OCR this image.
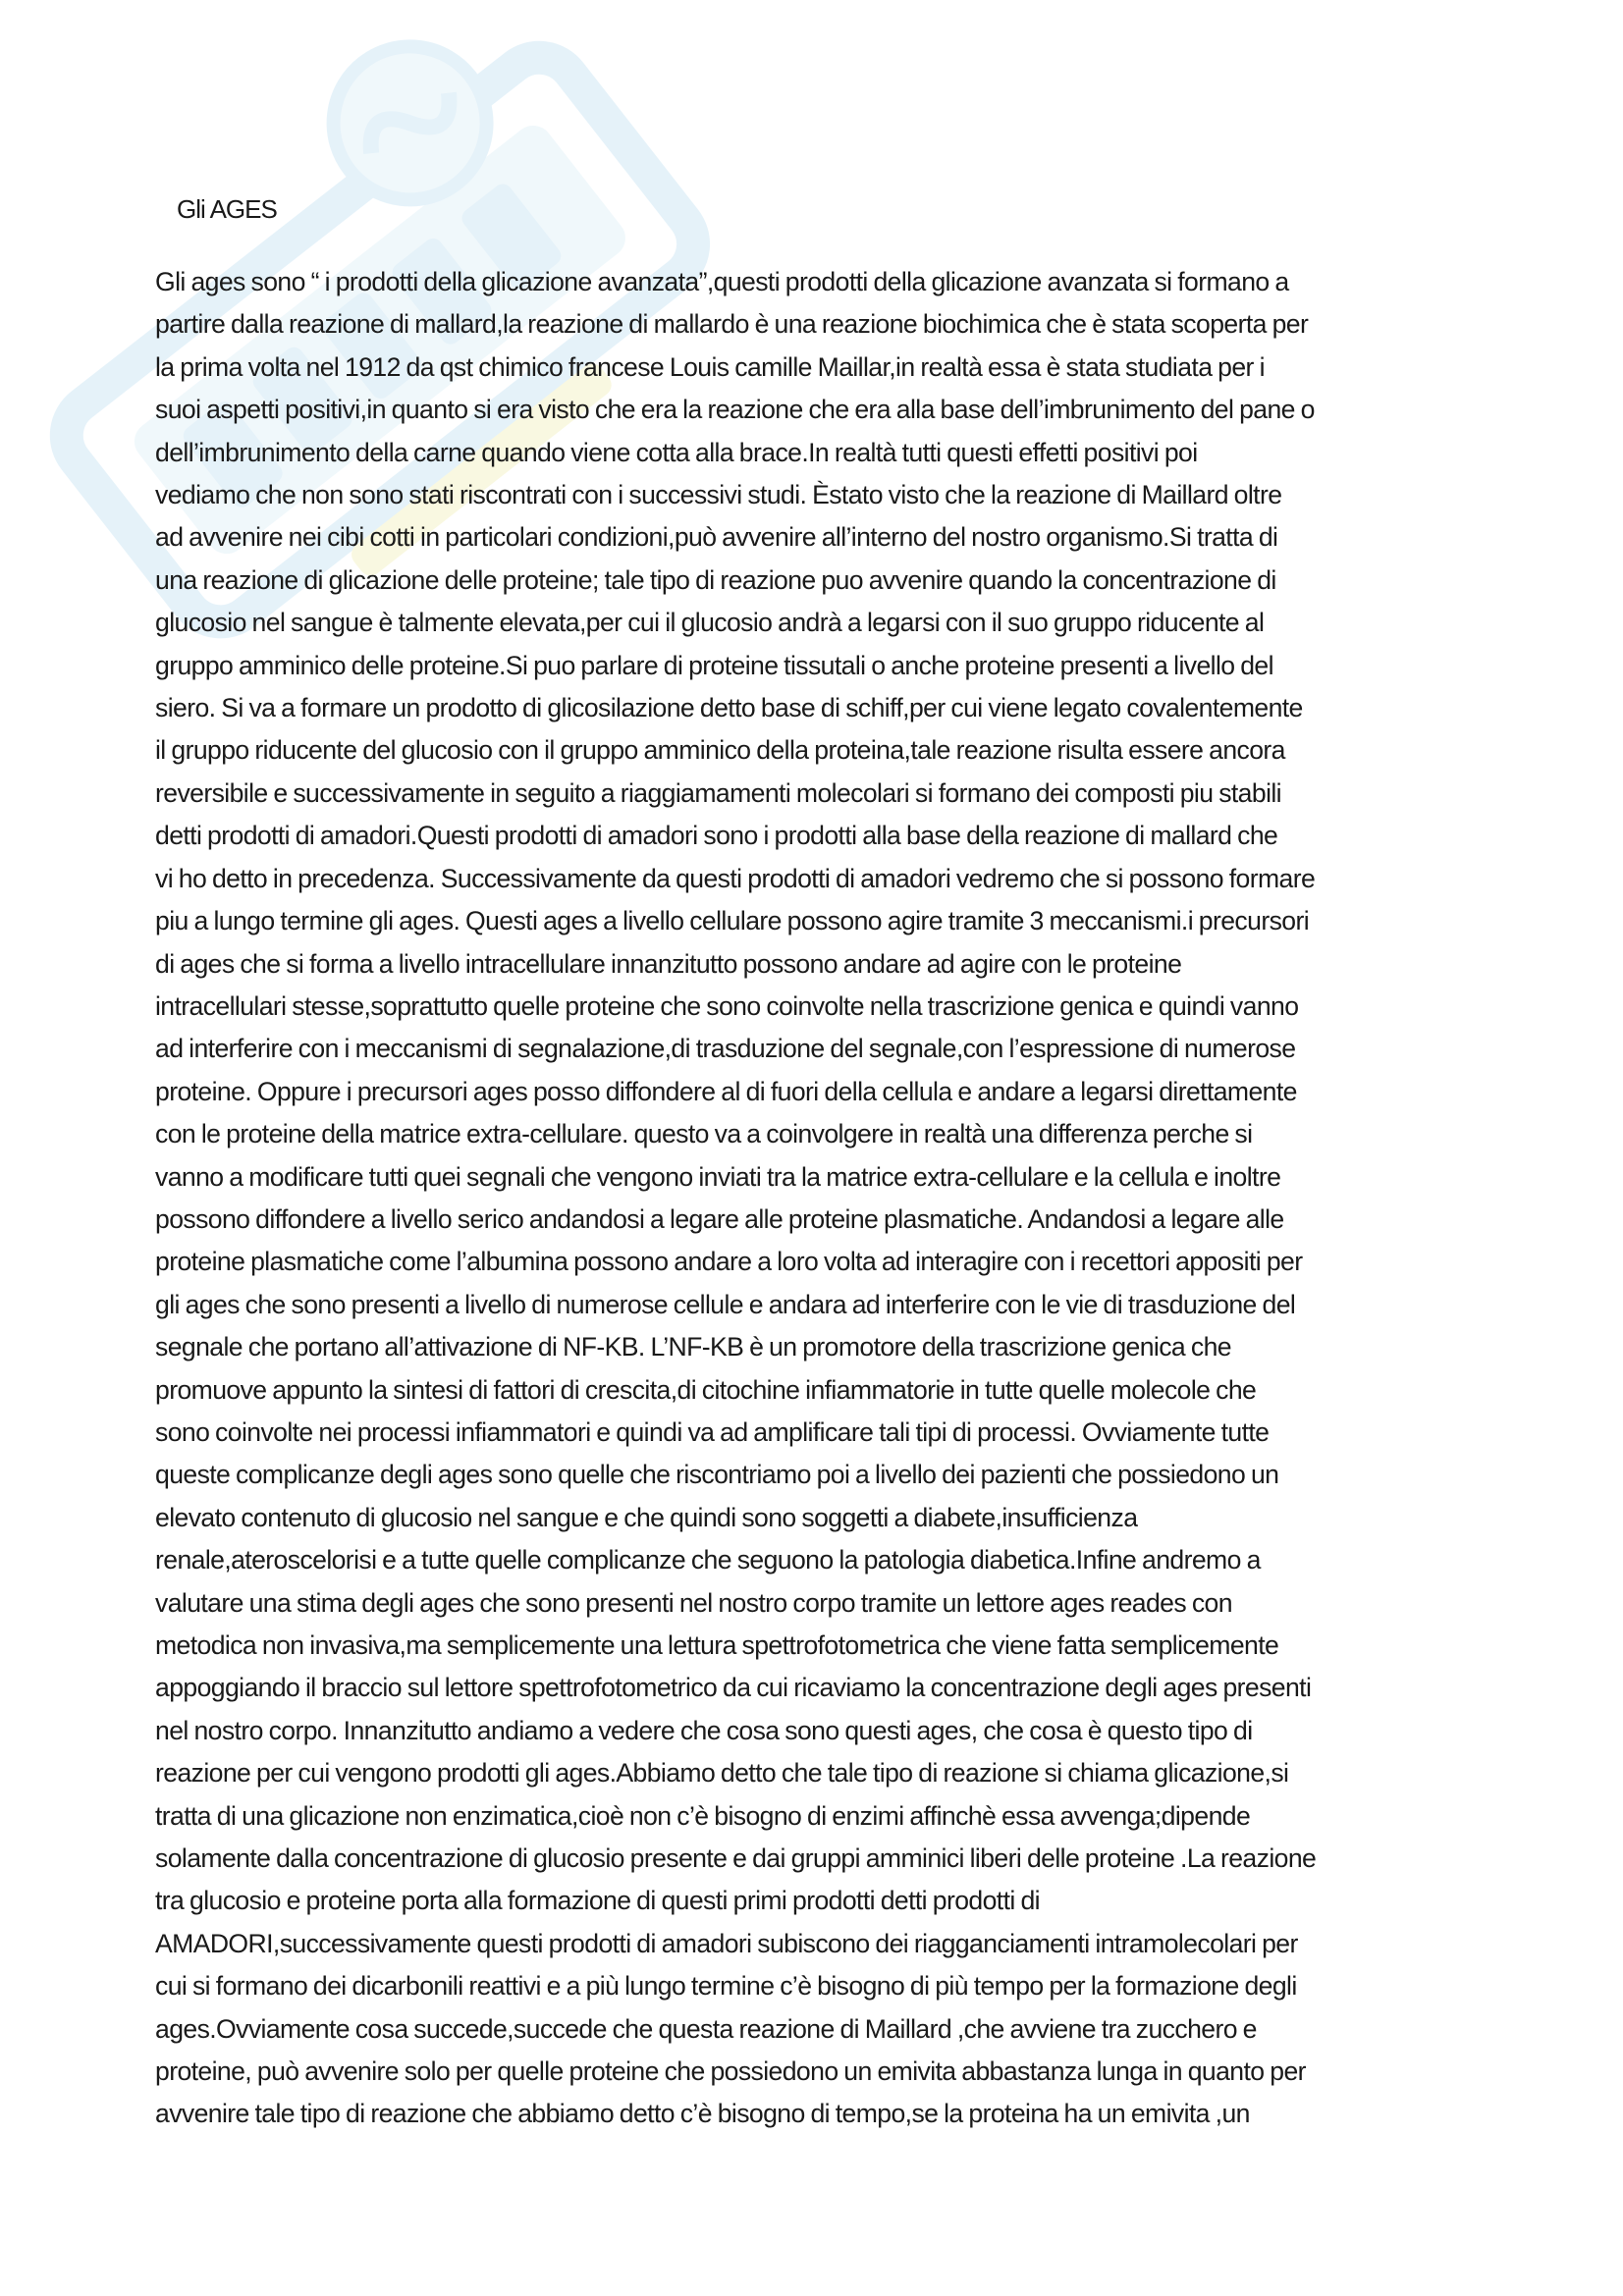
Gli AGES
Gli ages sono “ i prodotti della glicazione avanzata”,questi prodotti della glicazione avanzata si formano a
partire dalla reazione di mallard,la reazione di mallardo è una reazione biochimica che è stata scoperta per
la prima volta nel 1912 da qst chimico francese Louis camille Maillar,in realtà essa è stata studiata per i
suoi aspetti positivi,in quanto si era visto che era la reazione che era alla base dell’imbrunimento del pane o
dell’imbrunimento della carne quando viene cotta alla brace.In realtà tutti questi effetti positivi poi
vediamo che non sono stati riscontrati con i successivi studi. Èstato visto che la reazione di Maillard oltre
ad avvenire nei cibi cotti in particolari condizioni,può avvenire all’interno del nostro organismo.Si tratta di
una reazione di glicazione delle proteine; tale tipo di reazione puo avvenire quando la concentrazione di
glucosio nel sangue è talmente elevata,per cui il glucosio andrà a legarsi con il suo gruppo riducente al
gruppo amminico delle proteine.Si puo parlare di proteine tissutali o anche proteine presenti a livello del
siero. Si va a formare un prodotto di glicosilazione detto base di schiff,per cui viene legato covalentemente
il gruppo riducente del glucosio con il gruppo amminico della proteina,tale reazione risulta essere ancora
reversibile e successivamente in seguito a riaggiamamenti molecolari si formano dei composti piu stabili
detti prodotti di amadori.Questi prodotti di amadori sono i prodotti alla base della reazione di mallard che
vi ho detto in precedenza. Successivamente da questi prodotti di amadori vedremo che si possono formare
piu a lungo termine gli ages. Questi ages a livello cellulare possono agire tramite 3 meccanismi.i precursori
di ages che si forma a livello intracellulare innanzitutto possono andare ad agire con le proteine
intracellulari stesse,soprattutto quelle proteine che sono coinvolte nella trascrizione genica e quindi vanno
ad interferire con i meccanismi di segnalazione,di trasduzione del segnale,con l’espressione di numerose
proteine. Oppure i precursori ages posso diffondere al di fuori della cellula e andare a legarsi direttamente
con le proteine della matrice extra-cellulare. questo va a coinvolgere in realtà una differenza perche si
vanno a modificare tutti quei segnali che vengono inviati tra la matrice extra-cellulare e la cellula e inoltre
possono diffondere a livello serico andandosi a legare alle proteine plasmatiche. Andandosi a legare alle
proteine plasmatiche come l’albumina possono andare a loro volta ad interagire con i recettori appositi per
gli ages che sono presenti a livello di numerose cellule e andara ad interferire con le vie di trasduzione del
segnale che portano all’attivazione di NF-KB. L’NF-KB è un promotore della trascrizione genica che
promuove appunto la sintesi di fattori di crescita,di citochine infiammatorie in tutte quelle molecole che
sono coinvolte nei processi infiammatori e quindi va ad amplificare tali tipi di processi. Ovviamente tutte
queste complicanze degli ages sono quelle che riscontriamo poi a livello dei pazienti che possiedono un
elevato contenuto di glucosio nel sangue e che quindi sono soggetti a diabete,insufficienza
renale,ateroscelorisi e a tutte quelle complicanze che seguono la patologia diabetica.Infine andremo a
valutare una stima degli ages che sono presenti nel nostro corpo tramite un lettore ages reades con
metodica non invasiva,ma semplicemente una lettura spettrofotometrica che viene fatta semplicemente
appoggiando il braccio sul lettore spettrofotometrico da cui ricaviamo la concentrazione degli ages presenti
nel nostro corpo. Innanzitutto andiamo a vedere che cosa sono questi ages, che cosa è questo tipo di
reazione per cui vengono prodotti gli ages.Abbiamo detto che tale tipo di reazione si chiama glicazione,si
tratta di una glicazione non enzimatica,cioè non c’è bisogno di enzimi affinchè essa avvenga;dipende
solamente dalla concentrazione di glucosio presente e dai gruppi amminici liberi delle proteine .La reazione
tra glucosio e proteine porta alla formazione di questi primi prodotti detti prodotti di
AMADORI,successivamente questi prodotti di amadori subiscono dei riagganciamenti intramolecolari per
cui si formano dei dicarbonili reattivi e a più lungo termine c’è bisogno di più tempo per la formazione degli
ages.Ovviamente cosa succede,succede che questa reazione di Maillard ,che avviene tra zucchero e
proteine, può avvenire solo per quelle proteine che possiedono un emivita abbastanza lunga in quanto per
avvenire tale tipo di reazione che abbiamo detto c’è bisogno di tempo,se la proteina ha un emivita ,un
